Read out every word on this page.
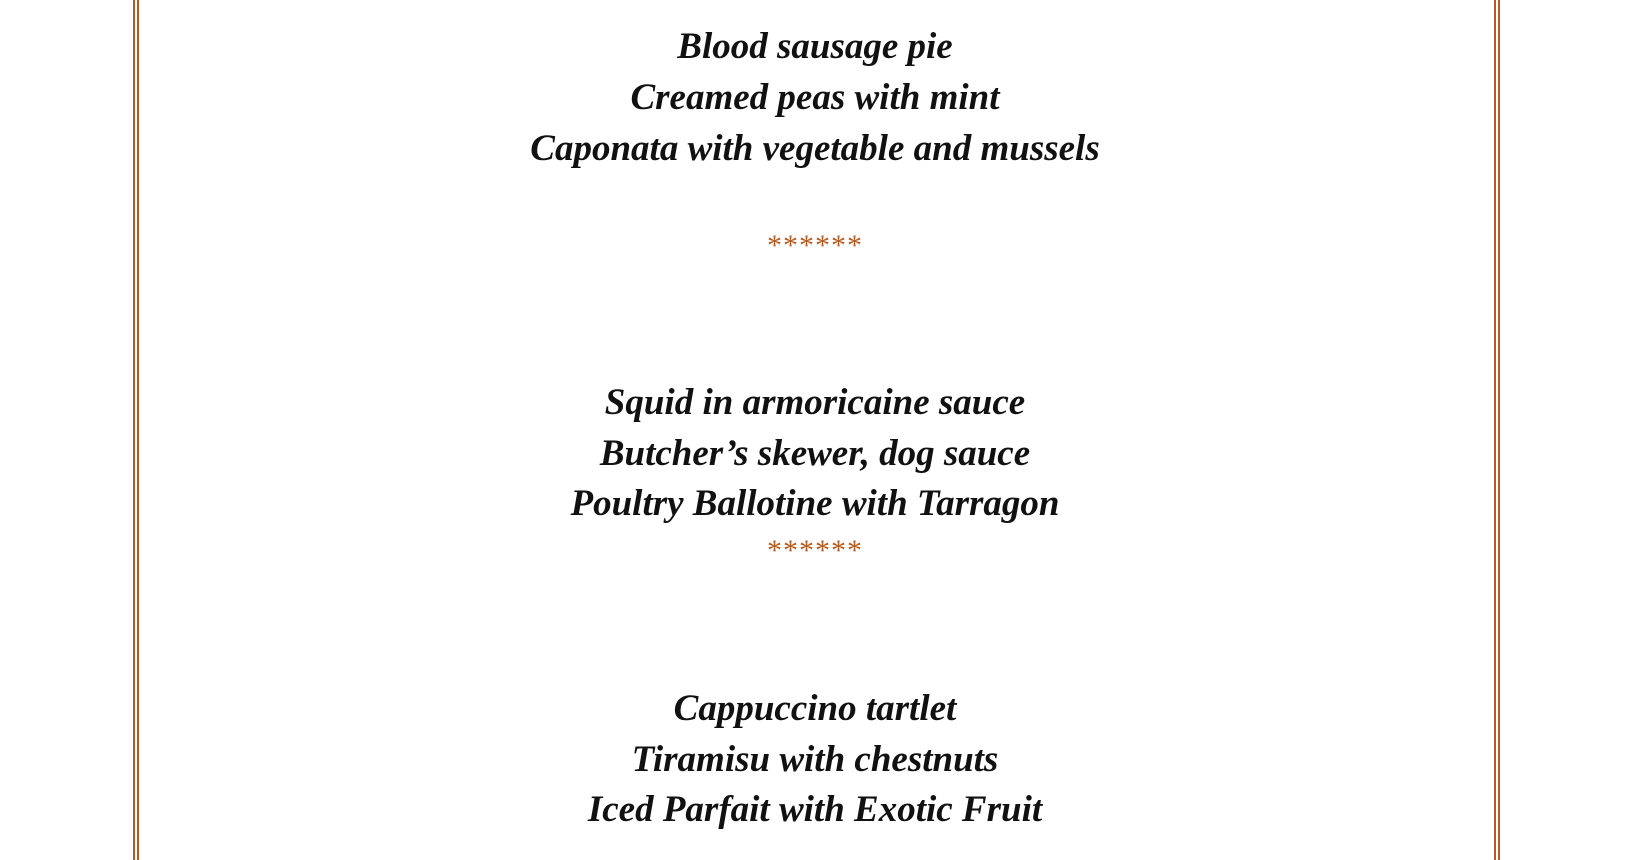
Blood sausage pie
Creamed peas with mint
Caponata with vegetable and mussels
******
Squid in armoricaine sauce
Butcher’s skewer, dog sauce
Poultry Ballotine with Tarragon
******
Cappuccino tartlet
Tiramisu with chestnuts
Iced Parfait with Exotic Fruit
